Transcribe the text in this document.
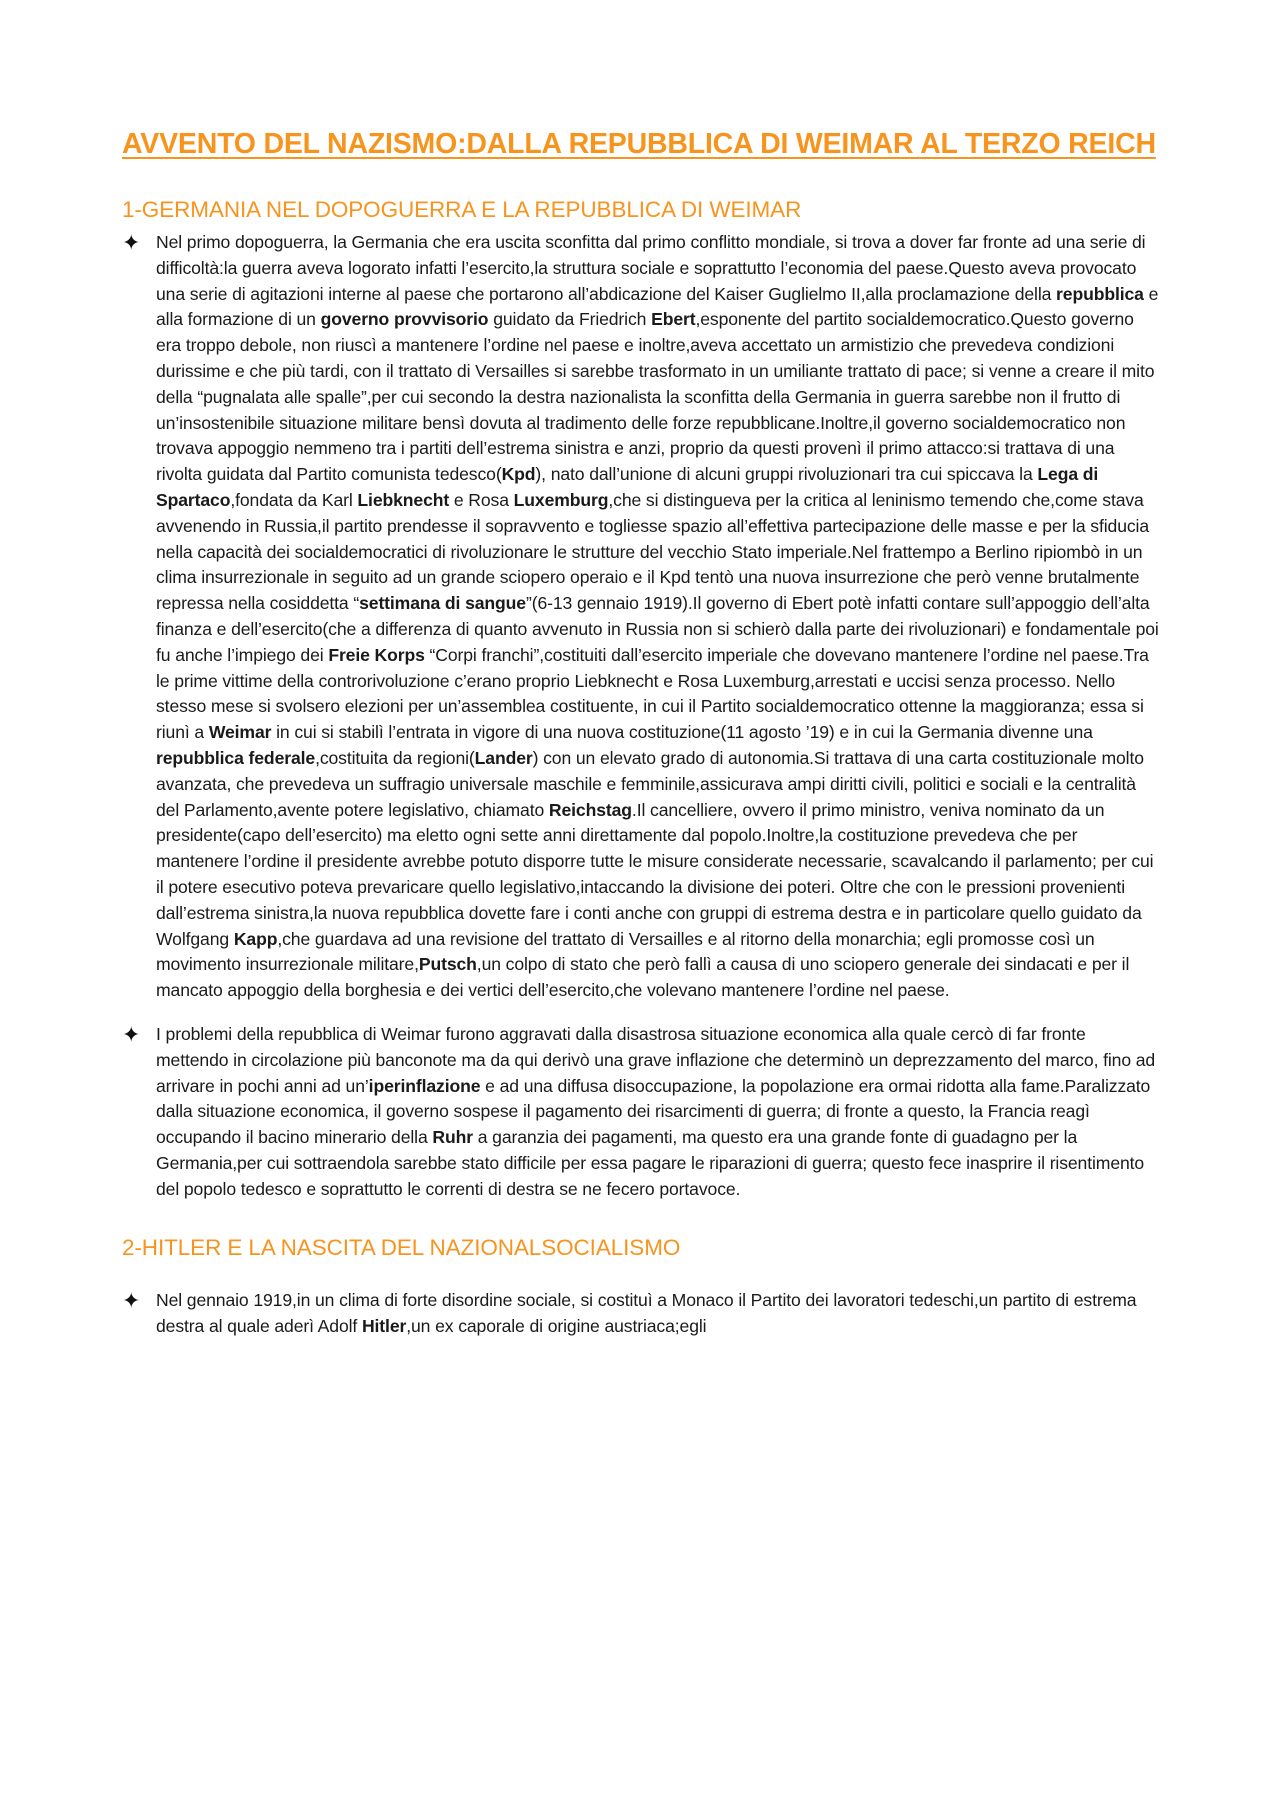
AVVENTO DEL NAZISMO:DALLA REPUBBLICA DI WEIMAR AL TERZO REICH
1-GERMANIA NEL DOPOGUERRA E LA REPUBBLICA DI WEIMAR
✦ Nel primo dopoguerra, la Germania che era uscita sconfitta dal primo conflitto mondiale, si trova a dover far fronte ad una serie di difficoltà:la guerra aveva logorato infatti l’esercito,la struttura sociale e soprattutto l’economia del paese.Questo aveva provocato una serie di agitazioni interne al paese che portarono all’abdicazione del Kaiser Guglielmo II,alla proclamazione della repubblica e alla formazione di un governo provvisorio guidato da Friedrich Ebert,esponente del partito socialdemocratico.Questo governo era troppo debole, non riuscì a mantenere l’ordine nel paese e inoltre,aveva accettato un armistizio che prevedeva condizioni durissime e che più tardi, con il trattato di Versailles si sarebbe trasformato in un umiliante trattato di pace; si venne a creare il mito della “pugnalata alle spalle”,per cui secondo la destra nazionalista la sconfitta della Germania in guerra sarebbe non il frutto di un’insostenibile situazione militare bensì dovuta al tradimento delle forze repubblicane.Inoltre,il governo socialdemocratico non trovava appoggio nemmeno tra i partiti dell’estrema sinistra e anzi, proprio da questi provenì il primo attacco:si trattava di una rivolta guidata dal Partito comunista tedesco(Kpd), nato dall’unione di alcuni gruppi rivoluzionari tra cui spiccava la Lega di Spartaco,fondata da Karl Liebknecht e Rosa Luxemburg,che si distingueva per la critica al leninismo temendo che,come stava avvenendo in Russia,il partito prendesse il sopravvento e togliesse spazio all’effettiva partecipazione delle masse e per la sfiducia nella capacità dei socialdemocratici di rivoluzionare le strutture del vecchio Stato imperiale.Nel frattempo a Berlino ripiombò in un clima insurrezionale in seguito ad un grande sciopero operaio e il Kpd tentò una nuova insurrezione che però venne brutalmente repressa nella cosiddetta “settimana di sangue”(6-13 gennaio 1919).Il governo di Ebert potè infatti contare sull’appoggio dell’alta finanza e dell’esercito(che a differenza di quanto avvenuto in Russia non si schierò dalla parte dei rivoluzionari) e fondamentale poi fu anche l’impiego dei Freie Korps “Corpi franchi”,costituiti dall’esercito imperiale che dovevano mantenere l’ordine nel paese.Tra le prime vittime della controrivoluzione c’erano proprio Liebknecht e Rosa Luxemburg,arrestati e uccisi senza processo. Nello stesso mese si svolsero elezioni per un’assemblea costituente, in cui il Partito socialdemocratico ottenne la maggioranza; essa si riunì a Weimar in cui si stabilì l’entrata in vigore di una nuova costituzione(11 agosto ’19) e in cui la Germania divenne una repubblica federale,costituita da regioni(Lander) con un elevato grado di autonomia.Si trattava di una carta costituzionale molto avanzata, che prevedeva un suffragio universale maschile e femminile,assicurava ampi diritti civili, politici e sociali e la centralità del Parlamento,avente potere legislativo, chiamato Reichstag.Il cancelliere, ovvero il primo ministro, veniva nominato da un presidente(capo dell’esercito) ma eletto ogni sette anni direttamente dal popolo.Inoltre,la costituzione prevedeva che per mantenere l’ordine il presidente avrebbe potuto disporre tutte le misure considerate necessarie, scavalcando il parlamento; per cui il potere esecutivo poteva prevaricare quello legislativo,intaccando la divisione dei poteri. Oltre che con le pressioni provenienti dall’estrema sinistra,la nuova repubblica dovette fare i conti anche con gruppi di estrema destra e in particolare quello guidato da Wolfgang Kapp,che guardava ad una revisione del trattato di Versailles e al ritorno della monarchia; egli promosse così un movimento insurrezionale militare,Putsch,un colpo di stato che però fallì a causa di uno sciopero generale dei sindacati e per il mancato appoggio della borghesia e dei vertici dell’esercito,che volevano mantenere l’ordine nel paese.

✦ I problemi della repubblica di Weimar furono aggravati dalla disastrosa situazione economica alla quale cercò di far fronte mettendo in circolazione più banconote ma da qui derivò una grave inflazione che determinò un deprezzamento del marco, fino ad arrivare in pochi anni ad un’iperinflazione e ad una diffusa disoccupazione, la popolazione era ormai ridotta alla fame.Paralizzato dalla situazione economica, il governo sospese il pagamento dei risarcimenti di guerra; di fronte a questo, la Francia reagì occupando il bacino minerario della Ruhr a garanzia dei pagamenti, ma questo era una grande fonte di guadagno per la Germania,per cui sottraendola sarebbe stato difficile per essa pagare le riparazioni di guerra; questo fece inasprire il risentimento del popolo tedesco e soprattutto le correnti di destra se ne fecero portavoce.

2-HITLER E LA NASCITA DEL NAZIONALSOCIALISMO
✦ Nel gennaio 1919,in un clima di forte disordine sociale, si costituì a Monaco il Partito dei lavoratori tedeschi,un partito di estrema destra al quale aderì Adolf Hitler,un ex caporale di origine austriaca;egli
